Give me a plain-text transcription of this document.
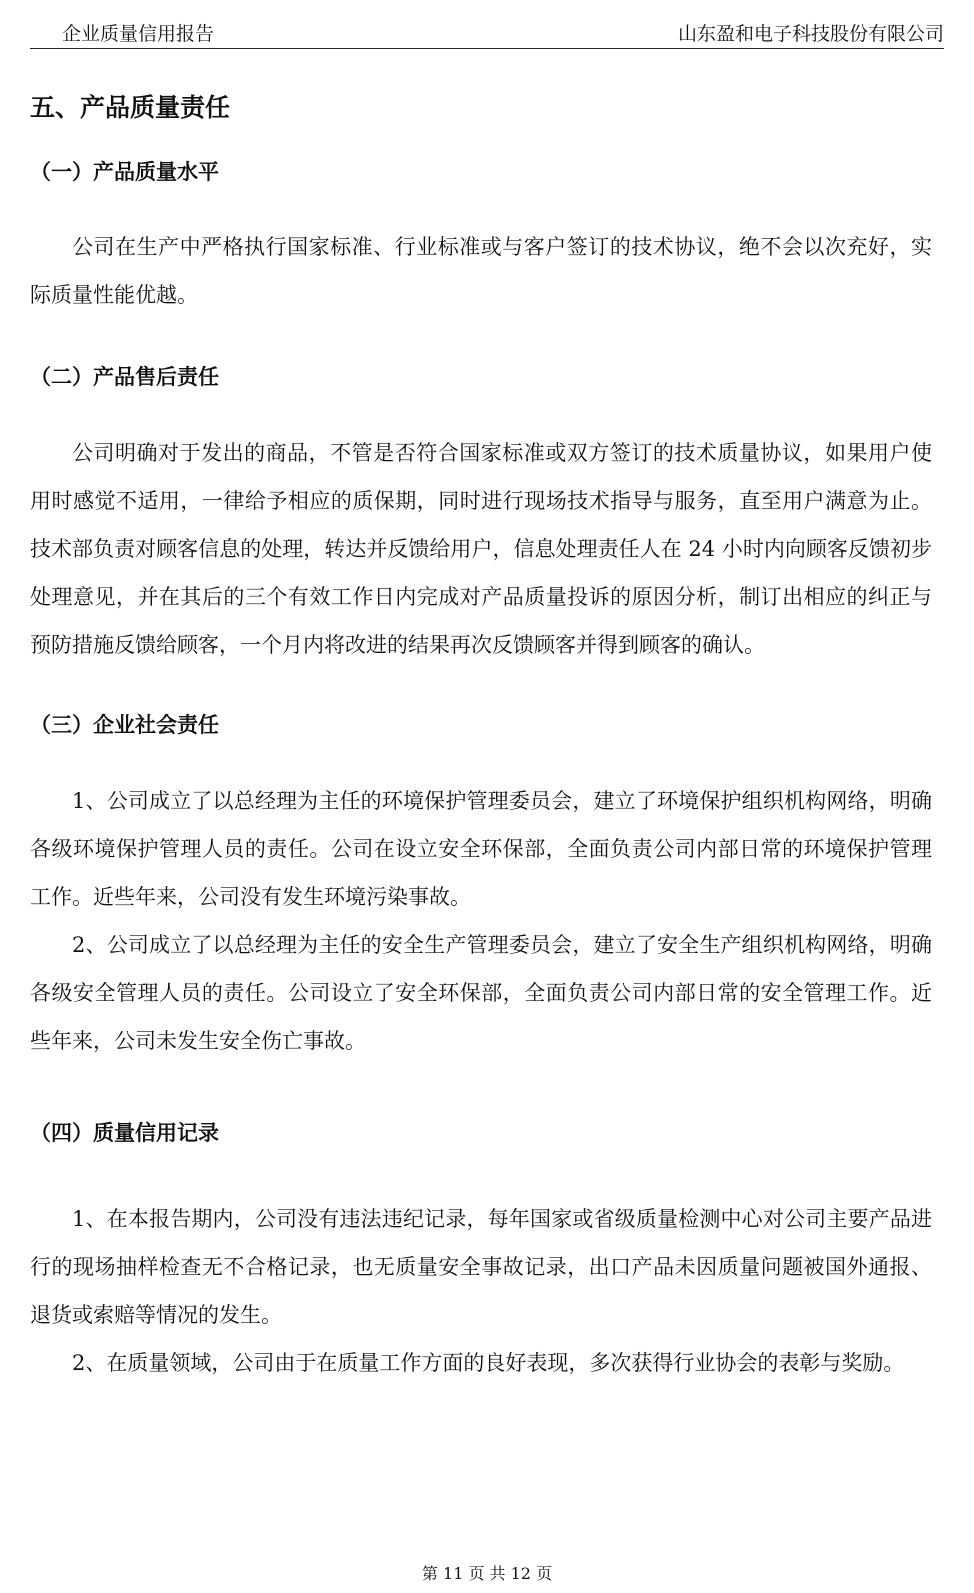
企业质量信用报告	山东盈和电子科技股份有限公司
五、产品质量责任
（一）产品质量水平

公司在生产中严格执行国家标准、行业标准或与客户签订的技术协议，绝不会以次充好，实际质量性能优越。

（二）产品售后责任

公司明确对于发出的商品，不管是否符合国家标准或双方签订的技术质量协议，如果用户使用时感觉不适用，一律给予相应的质保期，同时进行现场技术指导与服务，直至用户满意为止。技术部负责对顾客信息的处理，转达并反馈给用户，信息处理责任人在 24 小时内向顾客反馈初步处理意见，并在其后的三个有效工作日内完成对产品质量投诉的原因分析，制订出相应的纠正与预防措施反馈给顾客，一个月内将改进的结果再次反馈顾客并得到顾客的确认。

（三）企业社会责任

1、公司成立了以总经理为主任的环境保护管理委员会，建立了环境保护组织机构网络，明确各级环境保护管理人员的责任。公司在设立安全环保部，全面负责公司内部日常的环境保护管理工作。近些年来，公司没有发生环境污染事故。

2、公司成立了以总经理为主任的安全生产管理委员会，建立了安全生产组织机构网络，明确各级安全管理人员的责任。公司设立了安全环保部，全面负责公司内部日常的安全管理工作。近些年来，公司未发生安全伤亡事故。

（四）质量信用记录

1、在本报告期内，公司没有违法违纪记录，每年国家或省级质量检测中心对公司主要产品进行的现场抽样检查无不合格记录，也无质量安全事故记录，出口产品未因质量问题被国外通报、退货或索赔等情况的发生。

2、在质量领域，公司由于在质量工作方面的良好表现，多次获得行业协会的表彰与奖励。

第 11 页 共 12 页
